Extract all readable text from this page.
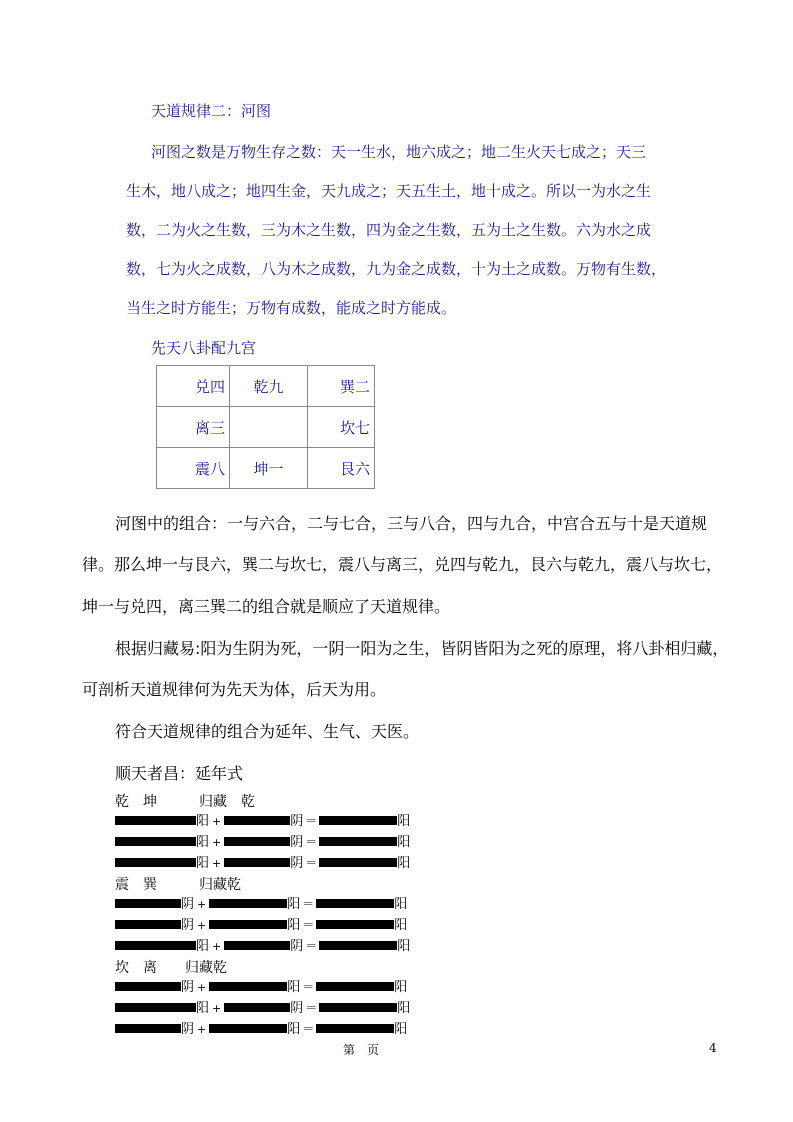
天道规律二：河图
河图之数是万物生存之数：天一生水，地六成之；地二生火天七成之；天三
生木，地八成之；地四生金，天九成之；天五生土，地十成之。所以一为水之生
数，二为火之生数，三为木之生数，四为金之生数，五为土之生数。六为水之成
数，七为火之成数，八为木之成数，九为金之成数，十为土之成数。万物有生数，
当生之时方能生；万物有成数，能成之时方能成。
先天八卦配九宫
兑四	乾九	巽二
离三		坎七
震八	坤一	艮六
河图中的组合：一与六合，二与七合，三与八合，四与九合，中宫合五与十是天道规
律。那么坤一与艮六，巽二与坎七，震八与离三，兑四与乾九，艮六与乾九，震八与坎七，
坤一与兑四，离三巽二的组合就是顺应了天道规律。
根据归藏易:阳为生阴为死，一阴一阳为之生，皆阴皆阳为之死的原理，将八卦相归藏，
可剖析天道规律何为先天为体，后天为用。
符合天道规律的组合为延年、生气、天医。
顺天者昌：延年式
乾　坤　　　归藏　乾
阳 +	阴 ＝	阳
阳 +	阴 ＝	阳
阳 +	阴 ＝	阳
震　巽　　　归藏乾
阴 +	阳 ＝	阳
阴 +	阳 ＝	阳
阳 +	阴 ＝	阳
坎　离　　归藏乾
阴 +	阳 ＝	阳
阳 +	阴 ＝	阳
阴 +	阳 ＝	阳
第　页	4
